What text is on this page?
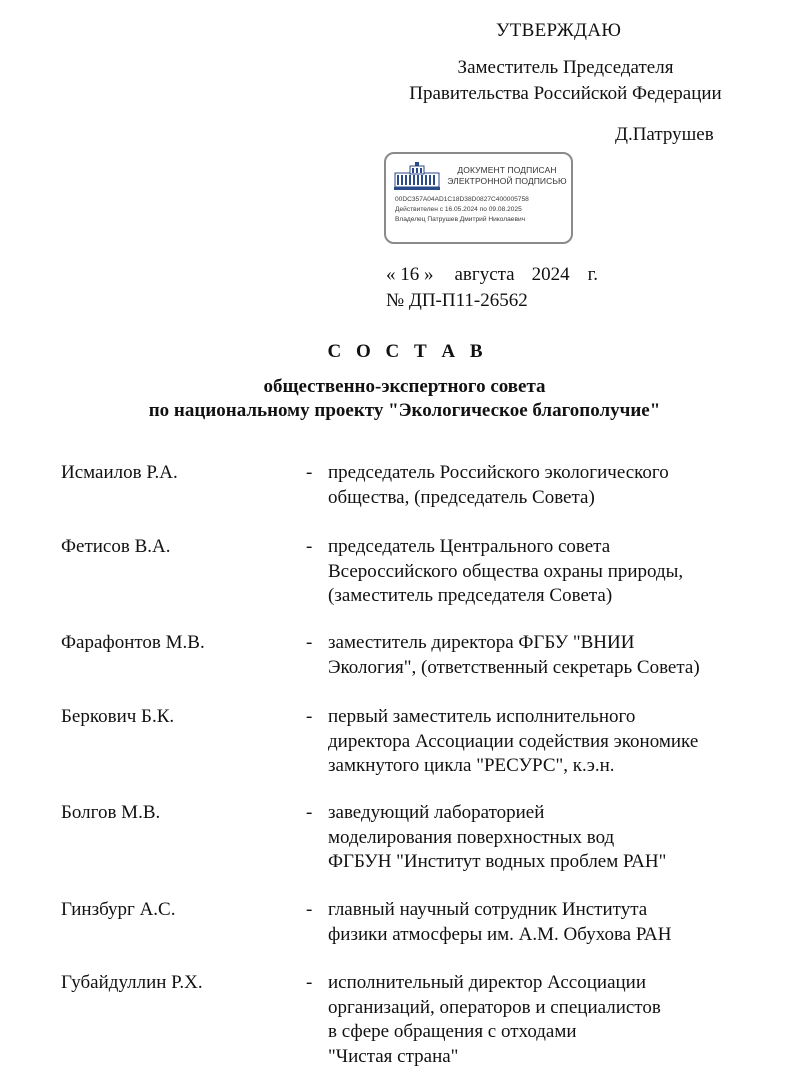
УТВЕРЖДАЮ
Заместитель Председателя
Правительства Российской Федерации
Д.Патрушев
ДОКУМЕНТ ПОДПИСАН
ЭЛЕКТРОННОЙ ПОДПИСЬЮ
00DC357A04AD1C18D38D0827C400005758
Действителен с 16.05.2024 по 09.08.2025
Владелец Патрушев Дмитрий Николаевич
« 16 » августа 2024 г.
№ ДП-П11-26562
С О С Т А В
общественно-экспертного совета
по национальному проекту "Экологическое благополучие"
Исмаилов Р.А.	- председатель Российского экологического
общества, (председатель Совета)
Фетисов В.А.	- председатель Центрального совета
Всероссийского общества охраны природы,
(заместитель председателя Совета)
Фарафонтов М.В.	- заместитель директора ФГБУ "ВНИИ
Экология", (ответственный секретарь Совета)
Беркович Б.К.	- первый заместитель исполнительного
директора Ассоциации содействия экономике
замкнутого цикла "РЕСУРС", к.э.н.
Болгов М.В.	- заведующий лабораторией
моделирования поверхностных вод
ФГБУН "Институт водных проблем РАН"
Гинзбург А.С.	- главный научный сотрудник Института
физики атмосферы им. А.М. Обухова РАН
Губайдуллин Р.Х.	- исполнительный директор Ассоциации
организаций, операторов и специалистов
в сфере обращения с отходами
"Чистая страна"
